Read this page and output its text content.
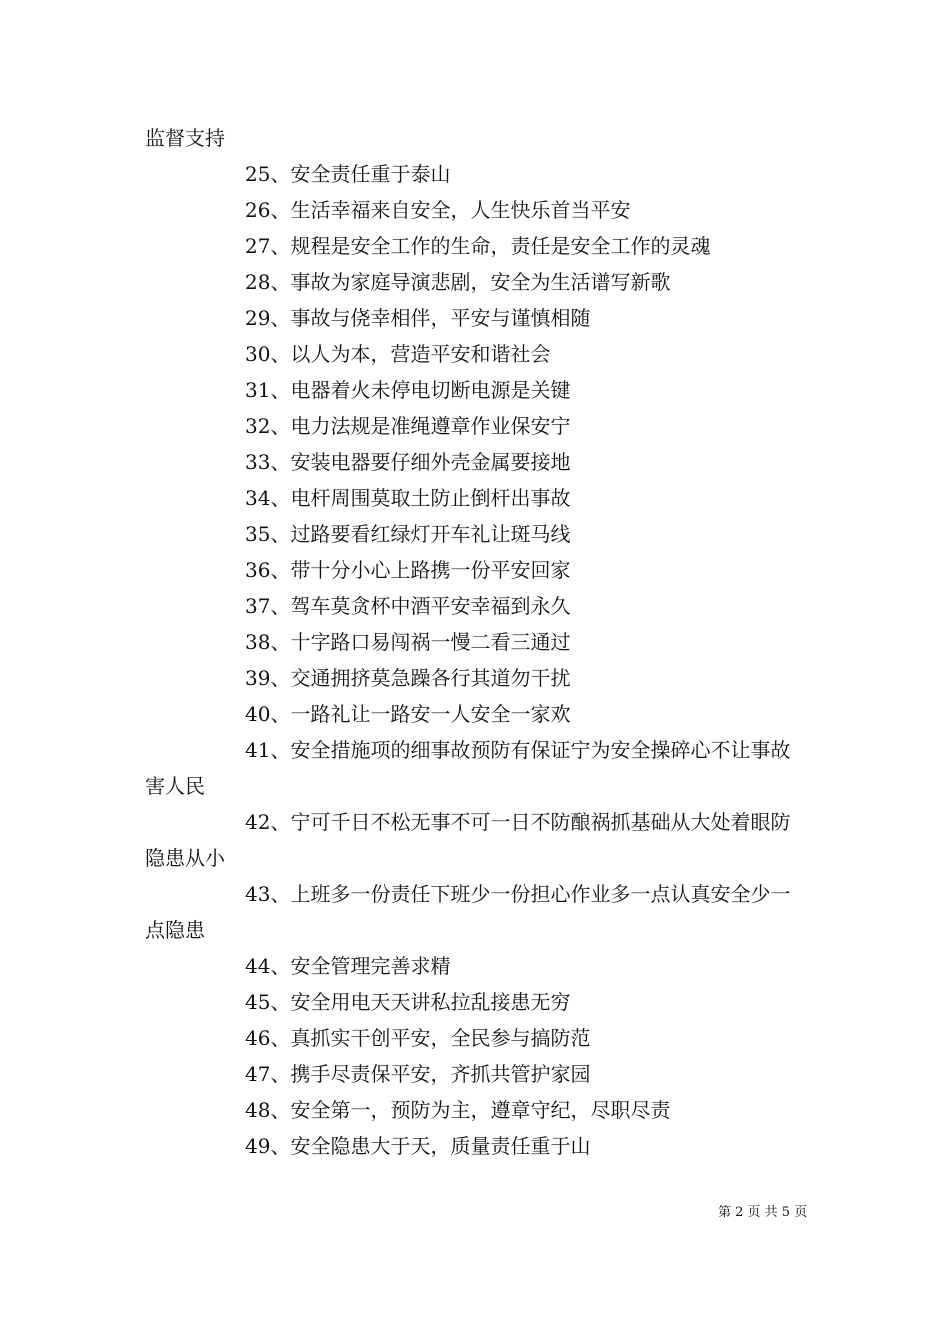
监督支持

25、安全责任重于泰山

26、生活幸福来自安全，人生快乐首当平安

27、规程是安全工作的生命，责任是安全工作的灵魂

28、事故为家庭导演悲剧，安全为生活谱写新歌

29、事故与侥幸相伴，平安与谨慎相随

30、以人为本，营造平安和谐社会

31、电器着火未停电切断电源是关键

32、电力法规是准绳遵章作业保安宁

33、安装电器要仔细外壳金属要接地

34、电杆周围莫取土防止倒杆出事故

35、过路要看红绿灯开车礼让斑马线

36、带十分小心上路携一份平安回家

37、驾车莫贪杯中酒平安幸福到永久

38、十字路口易闯祸一慢二看三通过

39、交通拥挤莫急躁各行其道勿干扰

40、一路礼让一路安一人安全一家欢

41、安全措施项的细事故预防有保证宁为安全操碎心不让事故害人民

42、宁可千日不松无事不可一日不防酿祸抓基础从大处着眼防隐患从小

43、上班多一份责任下班少一份担心作业多一点认真安全少一点隐患

44、安全管理完善求精

45、安全用电天天讲私拉乱接患无穷

46、真抓实干创平安，全民参与搞防范

47、携手尽责保平安，齐抓共管护家园

48、安全第一，预防为主，遵章守纪，尽职尽责

49、安全隐患大于天，质量责任重于山

第 2 页 共 5 页
